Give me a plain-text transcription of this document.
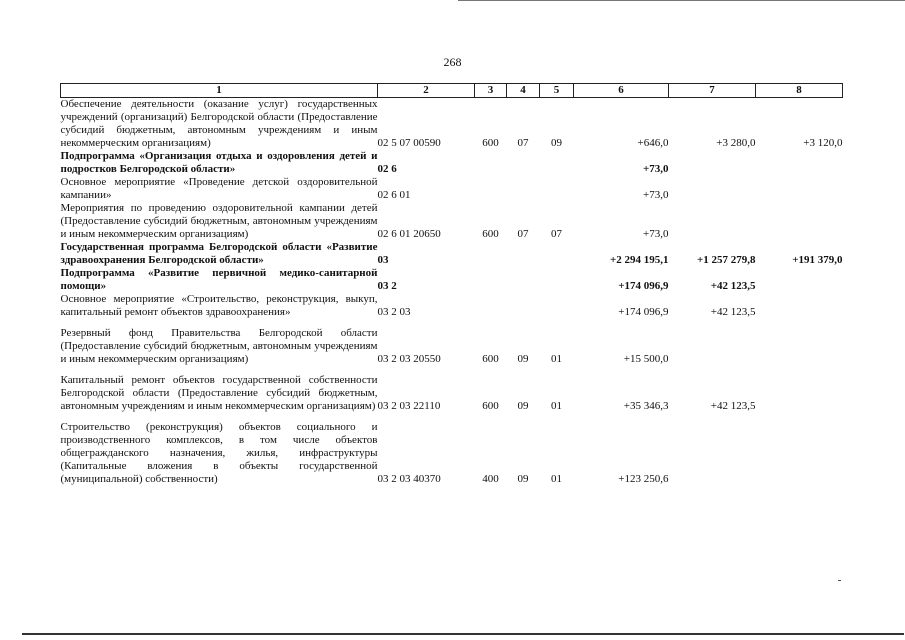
268
1	2	3	4	5	6	7	8
Обеспечение деятельности (оказание услуг) государственных учреждений (организаций) Белгородской области (Предоставление субсидий бюджетным, автономным учреждениям и иным некоммерческим организациям)	02 5 07 00590	600	07	09	+646,0	+3 280,0	+3 120,0
Подпрограмма «Организация отдыха и оздоровления детей и подростков Белгородской области»	02 6				+73,0		
Основное мероприятие «Проведение детской оздоровительной кампании»	02 6 01				+73,0		
Мероприятия по проведению оздоровительной кампании детей (Предоставление субсидий бюджетным, автономным учреждениям и иным некоммерческим организациям)	02 6 01 20650	600	07	07	+73,0		
Государственная программа Белгородской области «Развитие здравоохранения Белгородской области»	03				+2 294 195,1	+1 257 279,8	+191 379,0
Подпрограмма «Развитие первичной медико-санитарной помощи»	03 2				+174 096,9	+42 123,5	
Основное мероприятие «Строительство, реконструкция, выкуп, капитальный ремонт объектов здравоохранения»	03 2 03				+174 096,9	+42 123,5	
Резервный фонд Правительства Белгородской области (Предоставление субсидий бюджетным, автономным учреждениям и иным некоммерческим организациям)	03 2 03 20550	600	09	01	+15 500,0		
Капитальный ремонт объектов государственной собственности Белгородской области (Предоставление субсидий бюджетным, автономным учреждениям и иным некоммерческим организациям)	03 2 03 22110	600	09	01	+35 346,3	+42 123,5	
Строительство (реконструкция) объектов социального и производственного комплексов, в том числе объектов общегражданского назначения, жилья, инфраструктуры (Капитальные вложения в объекты государственной (муниципальной) собственности)	03 2 03 40370	400	09	01	+123 250,6		
